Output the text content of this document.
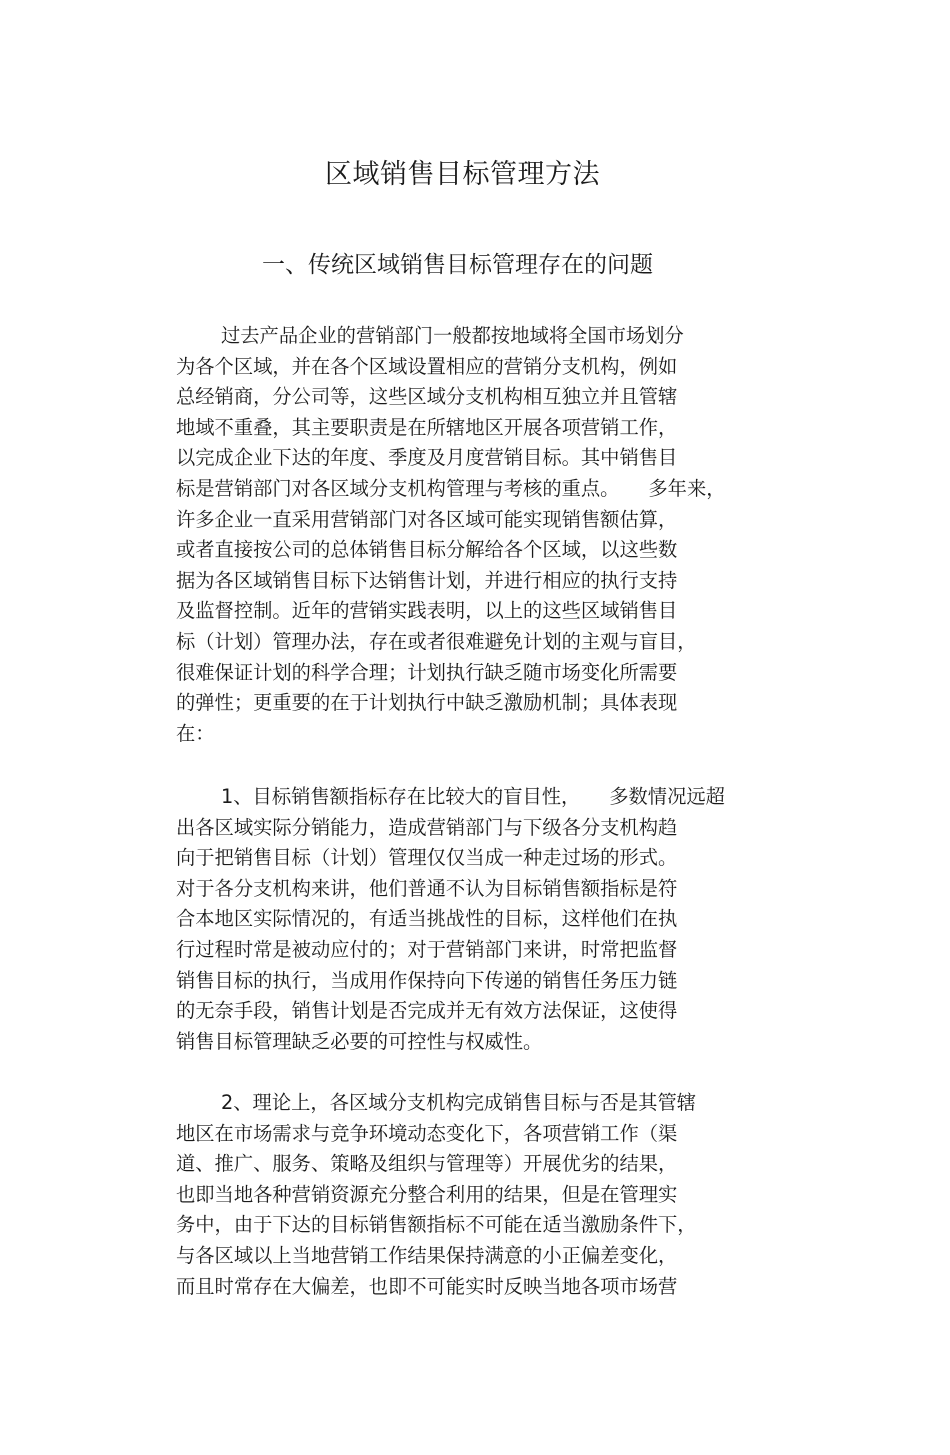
区域销售目标管理方法
一、传统区域销售目标管理存在的问题
过去产品企业的营销部门一般都按地域将全国市场划分
为各个区域，并在各个区域设置相应的营销分支机构，例如
总经销商，分公司等，这些区域分支机构相互独立并且管辖
地域不重叠，其主要职责是在所辖地区开展各项营销工作，
以完成企业下达的年度、季度及月度营销目标。其中销售目
标是营销部门对各区域分支机构管理与考核的重点。　　多年来，
许多企业一直采用营销部门对各区域可能实现销售额估算，
或者直接按公司的总体销售目标分解给各个区域，以这些数
据为各区域销售目标下达销售计划，并进行相应的执行支持
及监督控制。近年的营销实践表明，以上的这些区域销售目
标（计划）管理办法，存在或者很难避免计划的主观与盲目，
很难保证计划的科学合理；计划执行缺乏随市场变化所需要
的弹性；更重要的在于计划执行中缺乏激励机制；具体表现
在：
1、目标销售额指标存在比较大的盲目性，　　多数情况远超
出各区域实际分销能力，造成营销部门与下级各分支机构趋
向于把销售目标（计划）管理仅仅当成一种走过场的形式。
对于各分支机构来讲，他们普通不认为目标销售额指标是符
合本地区实际情况的，有适当挑战性的目标，这样他们在执
行过程时常是被动应付的；对于营销部门来讲，时常把监督
销售目标的执行，当成用作保持向下传递的销售任务压力链
的无奈手段，销售计划是否完成并无有效方法保证，这使得
销售目标管理缺乏必要的可控性与权威性。
2、理论上，各区域分支机构完成销售目标与否是其管辖
地区在市场需求与竞争环境动态变化下，各项营销工作（渠
道、推广、服务、策略及组织与管理等）开展优劣的结果，
也即当地各种营销资源充分整合利用的结果，但是在管理实
务中，由于下达的目标销售额指标不可能在适当激励条件下，
与各区域以上当地营销工作结果保持满意的小正偏差变化，
而且时常存在大偏差，也即不可能实时反映当地各项市场营
